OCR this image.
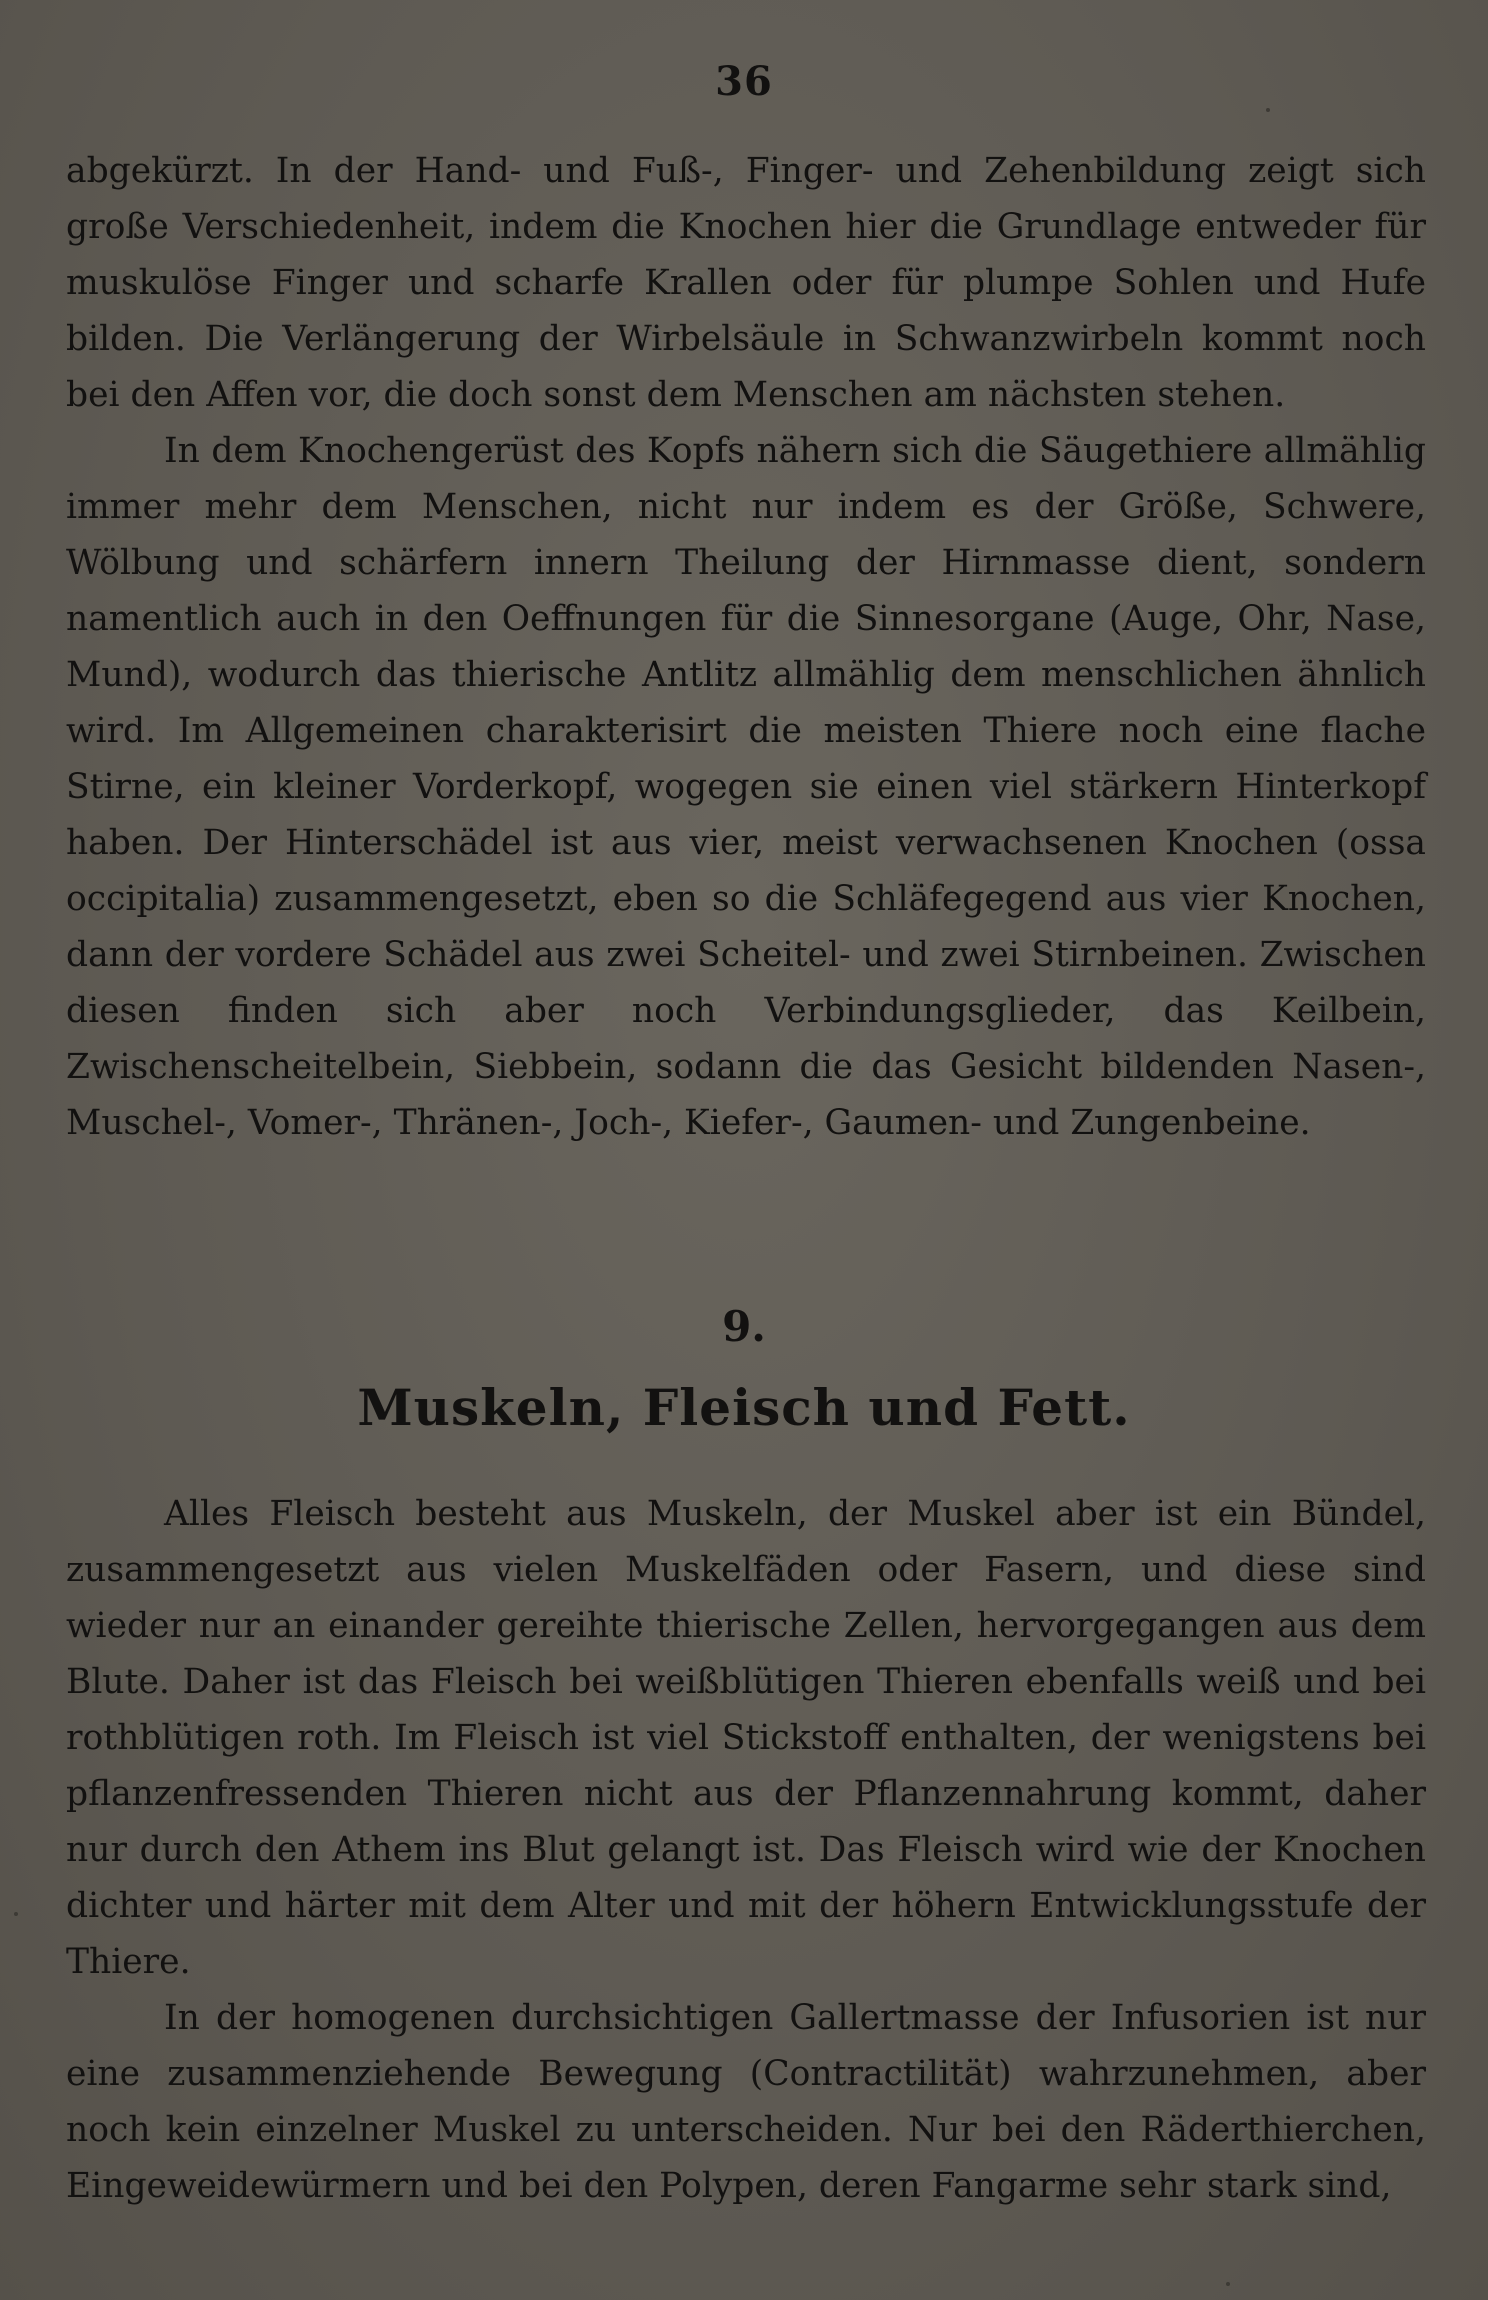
36

abgekürzt. In der Hand- und Fuß-, Finger- und Zehenbildung zeigt sich große Verschiedenheit, indem die Knochen hier die Grundlage entweder für muskulöse Finger und scharfe Krallen oder für plumpe Sohlen und Hufe bilden. Die Verlängerung der Wirbelsäule in Schwanzwirbeln kommt noch bei den Affen vor, die doch sonst dem Menschen am nächsten stehen.

In dem Knochengerüst des Kopfs nähern sich die Säugethiere allmählig immer mehr dem Menschen, nicht nur indem es der Größe, Schwere, Wölbung und schärfern innern Theilung der Hirnmasse dient, sondern namentlich auch in den Oeffnungen für die Sinnesorgane (Auge, Ohr, Nase, Mund), wodurch das thierische Antlitz allmählig dem menschlichen ähnlich wird. Im Allgemeinen charakterisirt die meisten Thiere noch eine flache Stirne, ein kleiner Vorderkopf, wogegen sie einen viel stärkern Hinterkopf haben. Der Hinterschädel ist aus vier, meist verwachsenen Knochen (ossa occipitalia) zusammengesetzt, eben so die Schläfegegend aus vier Knochen, dann der vordere Schädel aus zwei Scheitel- und zwei Stirnbeinen. Zwischen diesen finden sich aber noch Verbindungsglieder, das Keilbein, Zwischenscheitelbein, Siebbein, sodann die das Gesicht bildenden Nasen-, Muschel-, Vomer-, Thränen-, Joch-, Kiefer-, Gaumen- und Zungenbeine.

9.
Muskeln, Fleisch und Fett.

Alles Fleisch besteht aus Muskeln, der Muskel aber ist ein Bündel, zusammengesetzt aus vielen Muskelfäden oder Fasern, und diese sind wieder nur an einander gereihte thierische Zellen, hervorgegangen aus dem Blute. Daher ist das Fleisch bei weißblütigen Thieren ebenfalls weiß und bei rothblütigen roth. Im Fleisch ist viel Stickstoff enthalten, der wenigstens bei pflanzenfressenden Thieren nicht aus der Pflanzennahrung kommt, daher nur durch den Athem ins Blut gelangt ist. Das Fleisch wird wie der Knochen dichter und härter mit dem Alter und mit der höhern Entwicklungsstufe der Thiere.

In der homogenen durchsichtigen Gallertmasse der Infusorien ist nur eine zusammenziehende Bewegung (Contractilität) wahrzunehmen, aber noch kein einzelner Muskel zu unterscheiden. Nur bei den Räderthierchen, Eingeweidewürmern und bei den Polypen, deren Fangarme sehr stark sind,
